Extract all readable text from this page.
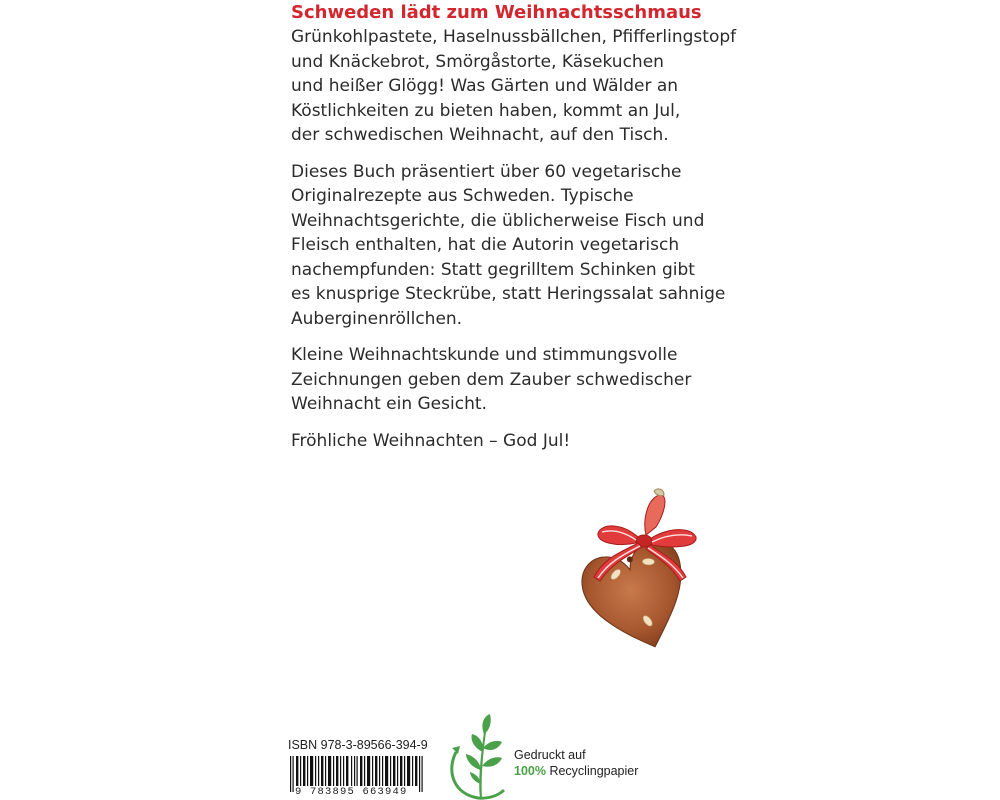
Schweden lädt zum Weihnachtsschmaus
Grünkohlpastete, Haselnussbällchen, Pfifferlingstopf
und Knäckebrot, Smörgåstorte, Käsekuchen
und heißer Glögg! Was Gärten und Wälder an
Köstlichkeiten zu bieten haben, kommt an Jul,
der schwedischen Weihnacht, auf den Tisch.
Dieses Buch präsentiert über 60 vegetarische
Originalrezepte aus Schweden. Typische
Weihnachtsgerichte, die üblicherweise Fisch und
Fleisch enthalten, hat die Autorin vegetarisch
nachempfunden: Statt gegrilltem Schinken gibt
es knusprige Steckrübe, statt Heringssalat sahnige
Auberginenröllchen.
Kleine Weihnachtskunde und stimmungsvolle
Zeichnungen geben dem Zauber schwedischer
Weihnacht ein Gesicht.
Fröhliche Weihnachten – God Jul!
ISBN 978-3-89566-394-9
9 783895 663949
Gedruckt auf
100% Recyclingpapier
